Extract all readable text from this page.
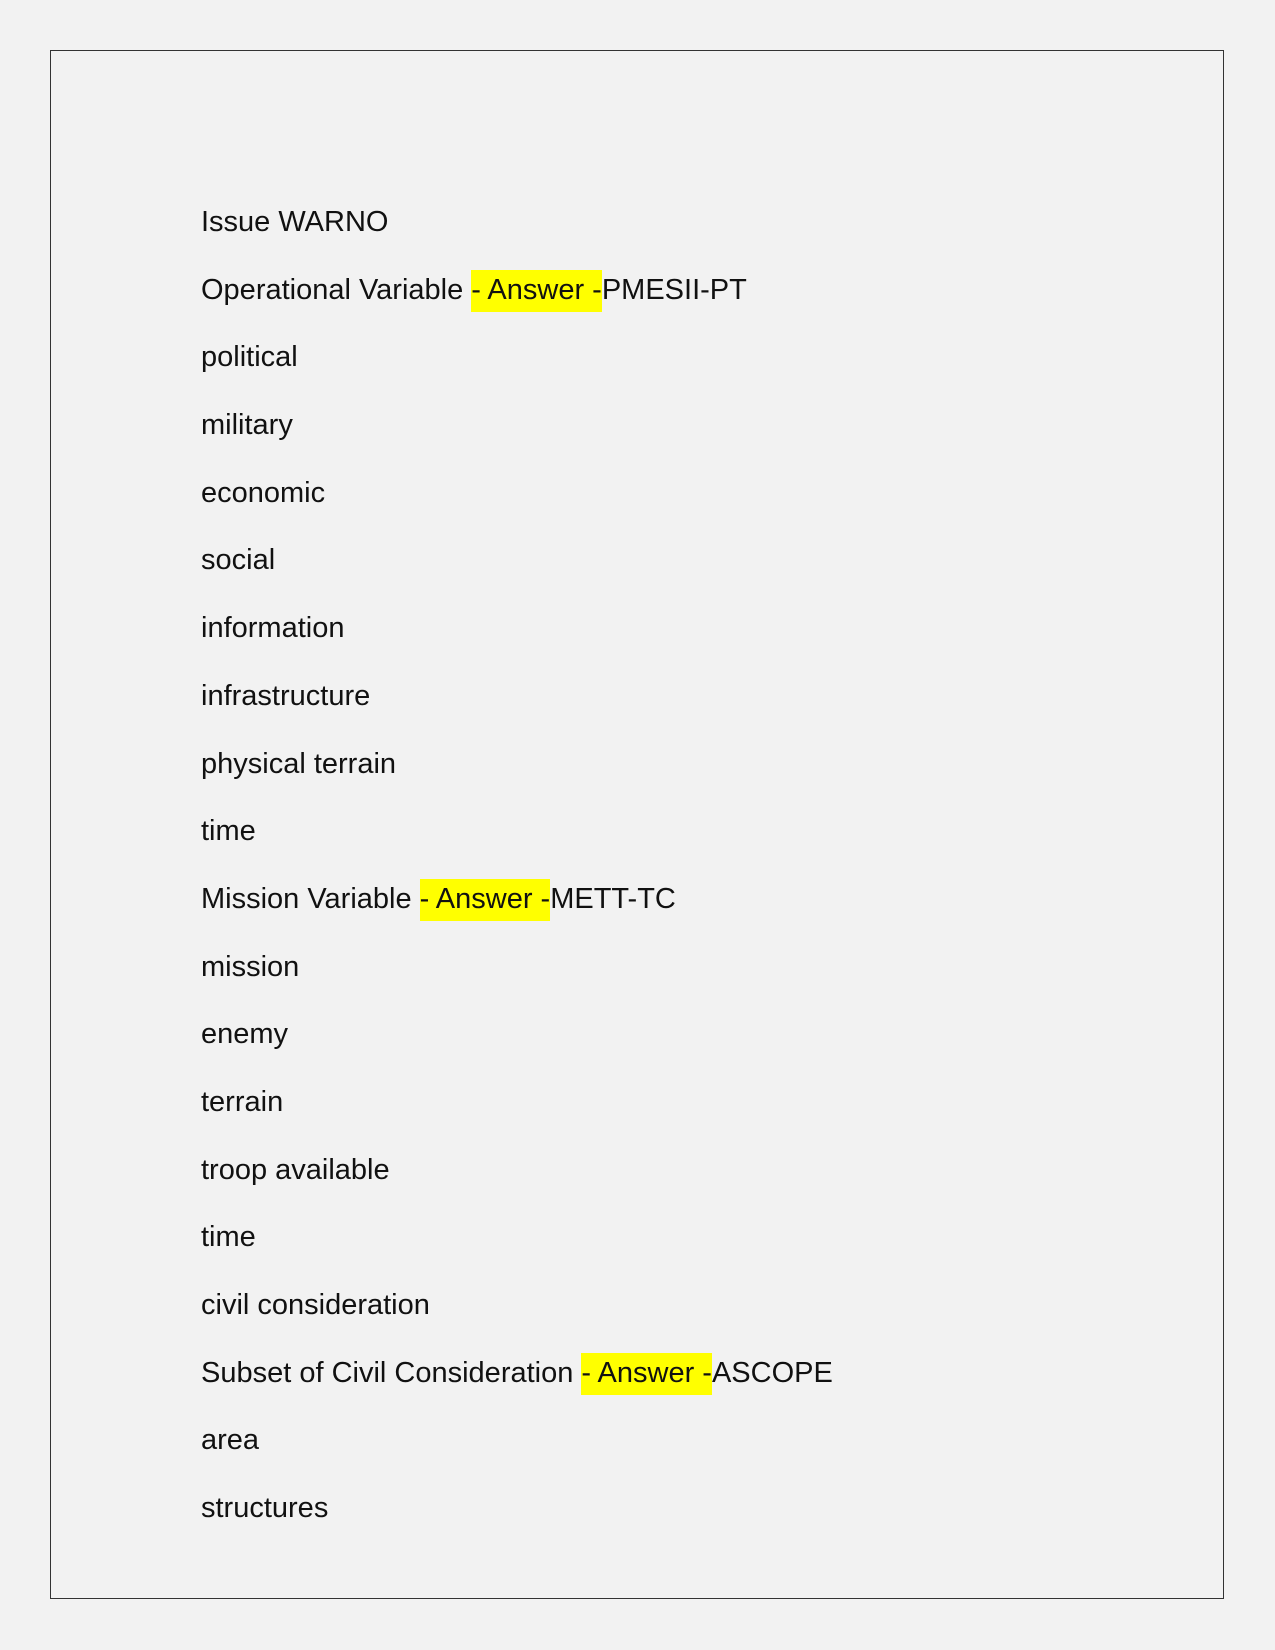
Issue WARNO
Operational Variable - Answer -PMESII-PT
political
military
economic
social
information
infrastructure
physical terrain
time
Mission Variable - Answer -METT-TC
mission
enemy
terrain
troop available
time
civil consideration
Subset of Civil Consideration - Answer -ASCOPE
area
structures
